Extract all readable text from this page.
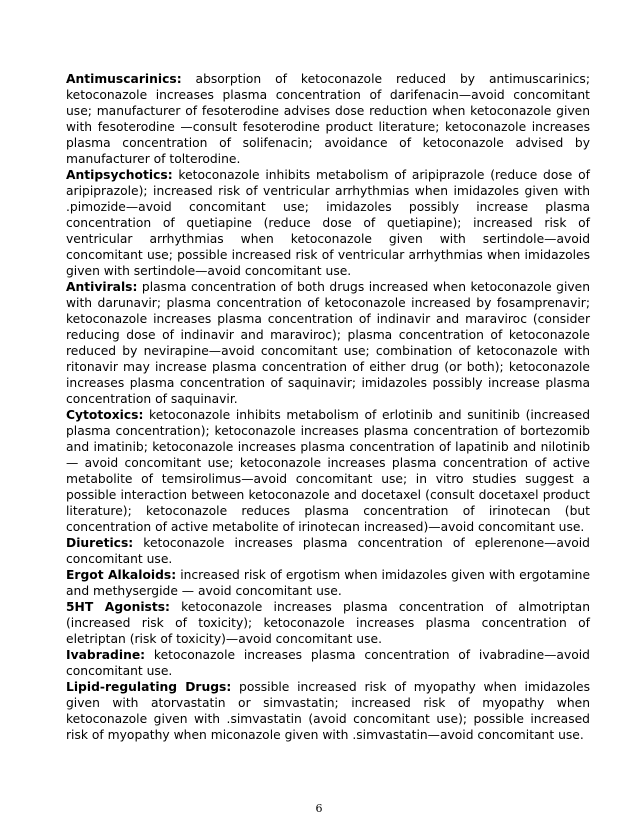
Antimuscarinics: absorption of ketoconazole reduced by antimuscarinics; ketoconazole increases plasma concentration of darifenacin—avoid concomitant use; manufacturer of fesoterodine advises dose reduction when ketoconazole given with fesoterodine —consult fesoterodine product literature; ketoconazole increases plasma concentration of solifenacin; avoidance of ketoconazole advised by manufacturer of tolterodine.

Antipsychotics: ketoconazole inhibits metabolism of aripiprazole (reduce dose of aripiprazole); increased risk of ventricular arrhythmias when imidazoles given with .pimozide—avoid concomitant use; imidazoles possibly increase plasma concentration of quetiapine (reduce dose of quetiapine); increased risk of ventricular arrhythmias when ketoconazole given with sertindole—avoid concomitant use; possible increased risk of ventricular arrhythmias when imidazoles given with sertindole—avoid concomitant use.

Antivirals: plasma concentration of both drugs increased when ketoconazole given with darunavir; plasma concentration of ketoconazole increased by fosamprenavir; ketoconazole increases plasma concentration of indinavir and maraviroc (consider reducing dose of indinavir and maraviroc); plasma concentration of ketoconazole reduced by nevirapine—avoid concomitant use; combination of ketoconazole with ritonavir may increase plasma concentration of either drug (or both); ketoconazole increases plasma concentration of saquinavir; imidazoles possibly increase plasma concentration of saquinavir.

Cytotoxics: ketoconazole inhibits metabolism of erlotinib and sunitinib (increased plasma concentration); ketoconazole increases plasma concentration of bortezomib and imatinib; ketoconazole increases plasma concentration of lapatinib and nilotinib— avoid concomitant use; ketoconazole increases plasma concentration of active metabolite of temsirolimus—avoid concomitant use; in vitro studies suggest a possible interaction between ketoconazole and docetaxel (consult docetaxel product literature); ketoconazole reduces plasma concentration of irinotecan (but concentration of active metabolite of irinotecan increased)—avoid concomitant use.

Diuretics: ketoconazole increases plasma concentration of eplerenone—avoid concomitant use.

Ergot Alkaloids: increased risk of ergotism when imidazoles given with ergotamine and methysergide — avoid concomitant use.

5HT Agonists: ketoconazole increases plasma concentration of almotriptan (increased risk of toxicity); ketoconazole increases plasma concentration of eletriptan (risk of toxicity)—avoid concomitant use.

Ivabradine: ketoconazole increases plasma concentration of ivabradine—avoid concomitant use.

Lipid-regulating Drugs: possible increased risk of myopathy when imidazoles given with atorvastatin or simvastatin; increased risk of myopathy when ketoconazole given with .simvastatin (avoid concomitant use); possible increased risk of myopathy when miconazole given with .simvastatin—avoid concomitant use.

6
